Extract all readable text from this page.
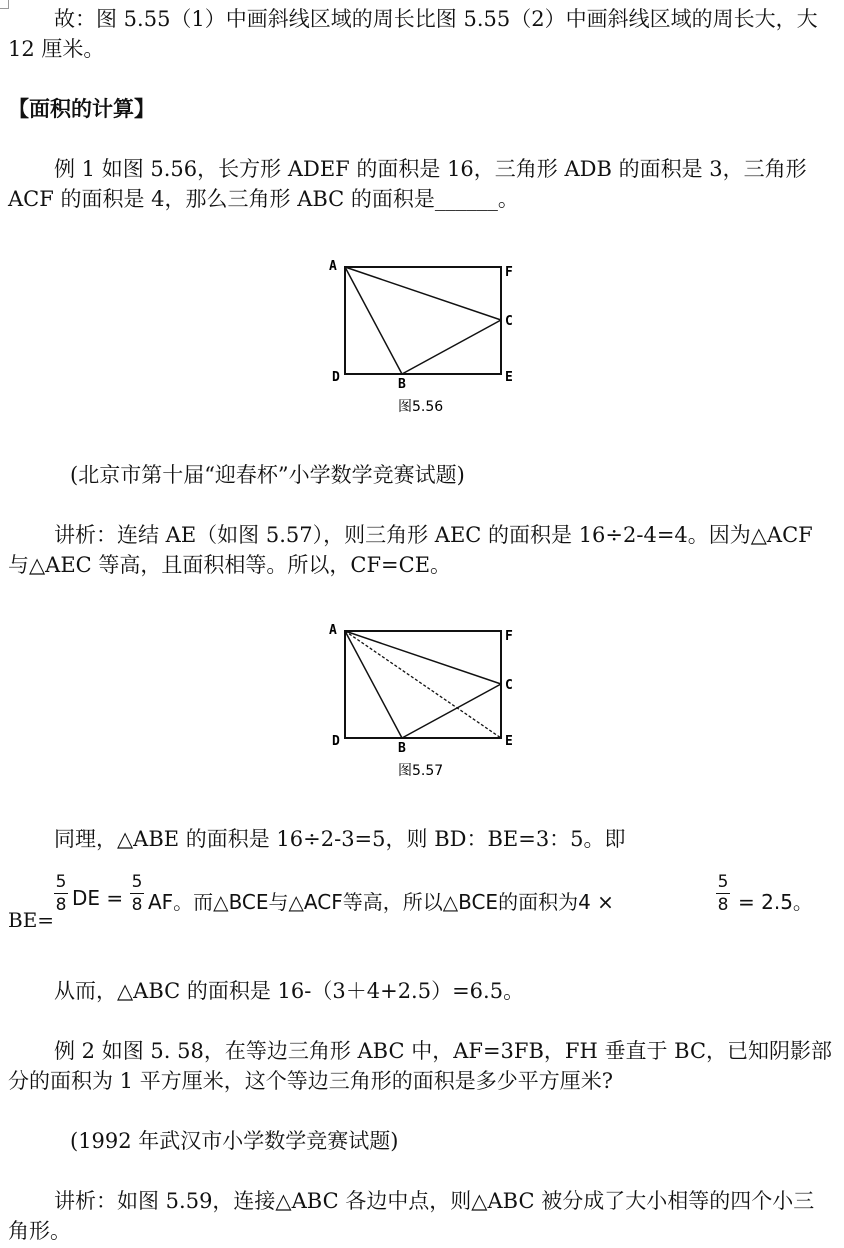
故：图 5.55（1）中画斜线区域的周长比图 5.55（2）中画斜线区域的周长大，大 12 厘米。

【面积的计算】

例 1 如图 5.56，长方形 ADEF 的面积是 16，三角形 ADB 的面积是 3，三角形 ACF 的面积是 4，那么三角形 ABC 的面积是______。

A	F
C
D	B	E
图5.56
(北京市第十届“迎春杯”小学数学竞赛试题)

讲析：连结 AE（如图 5.57），则三角形 AEC 的面积是 16÷2-4=4。因为△ACF 与△AEC 等高，且面积相等。所以，CF=CE。

A	F
C
D	B	E
图5.57

同理，△ABE 的面积是 16÷2-3=5，则 BD：BE=3：5。即

BE=
5
8 DE =
5
8 AF。而△BCE与△ACF等高，所以△BCE的面积为4 ×
5
8 = 2.5。

从而，△ABC 的面积是 16-（3＋4+2.5）=6.5。

例 2 如图 5. 58，在等边三角形 ABC 中，AF=3FB，FH 垂直于 BC，已知阴影部分的面积为 1 平方厘米，这个等边三角形的面积是多少平方厘米?

(1992 年武汉市小学数学竞赛试题)

讲析：如图 5.59，连接△ABC 各边中点，则△ABC 被分成了大小相等的四个小三角形。
